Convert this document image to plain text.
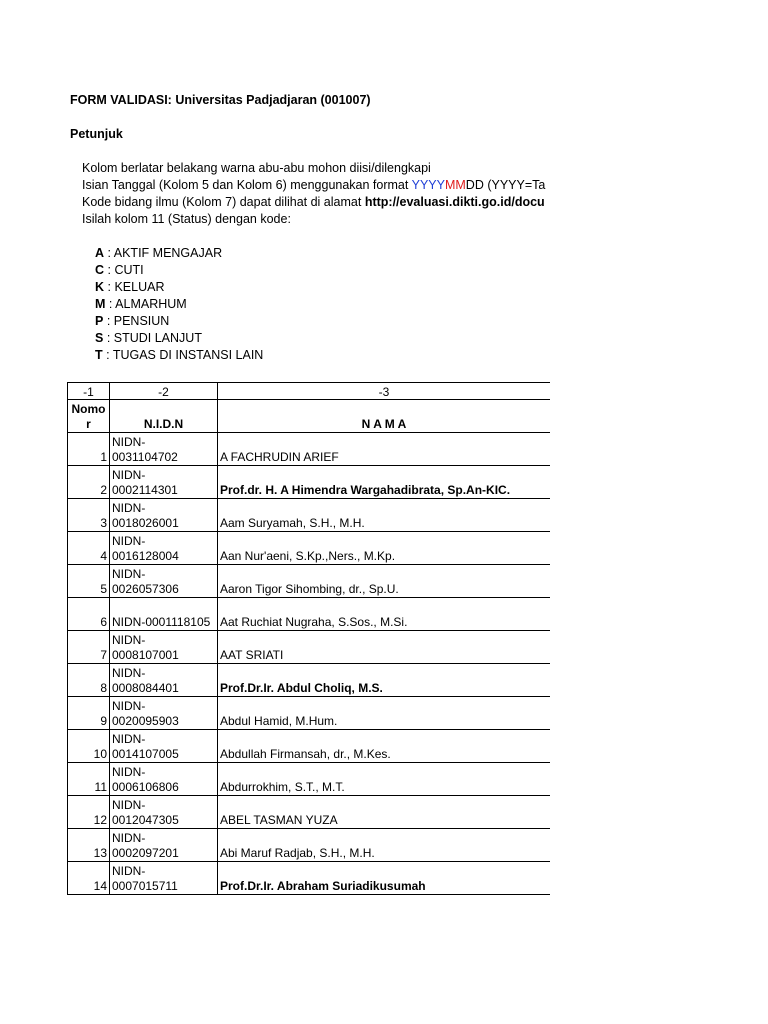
FORM VALIDASI: Universitas Padjadjaran (001007)
Petunjuk
Kolom berlatar belakang warna abu-abu mohon diisi/dilengkapi
Isian Tanggal (Kolom 5 dan Kolom 6) menggunakan format YYYYMMDD (YYYY=Ta
Kode bidang ilmu (Kolom 7) dapat dilihat di alamat http://evaluasi.dikti.go.id/docu
Isilah kolom 11 (Status) dengan kode:
A : AKTIF MENGAJAR
C : CUTI
K : KELUAR
M : ALMARHUM
P : PENSIUN
S : STUDI LANJUT
T : TUGAS DI INSTANSI LAIN
-1	-2	-3
Nomo r	N.I.D.N	N A M A
1	NIDN-
0031104702	A FACHRUDIN ARIEF
2	NIDN-
0002114301	Prof.dr. H. A Himendra Wargahadibrata, Sp.An-KIC.
3	NIDN-
0018026001	Aam Suryamah, S.H., M.H.
4	NIDN-
0016128004	Aan Nur'aeni, S.Kp.,Ners., M.Kp.
5	NIDN-
0026057306	Aaron Tigor Sihombing, dr., Sp.U.
6	NIDN-0001118105	Aat Ruchiat Nugraha, S.Sos., M.Si.
7	NIDN-
0008107001	AAT SRIATI
8	NIDN-
0008084401	Prof.Dr.Ir. Abdul Choliq, M.S.
9	NIDN-
0020095903	Abdul Hamid, M.Hum.
10	NIDN-
0014107005	Abdullah Firmansah, dr., M.Kes.
11	NIDN-
0006106806	Abdurrokhim, S.T., M.T.
12	NIDN-
0012047305	ABEL TASMAN YUZA
13	NIDN-
0002097201	Abi Maruf Radjab, S.H., M.H.
14	NIDN-
0007015711	Prof.Dr.Ir. Abraham Suriadikusumah
